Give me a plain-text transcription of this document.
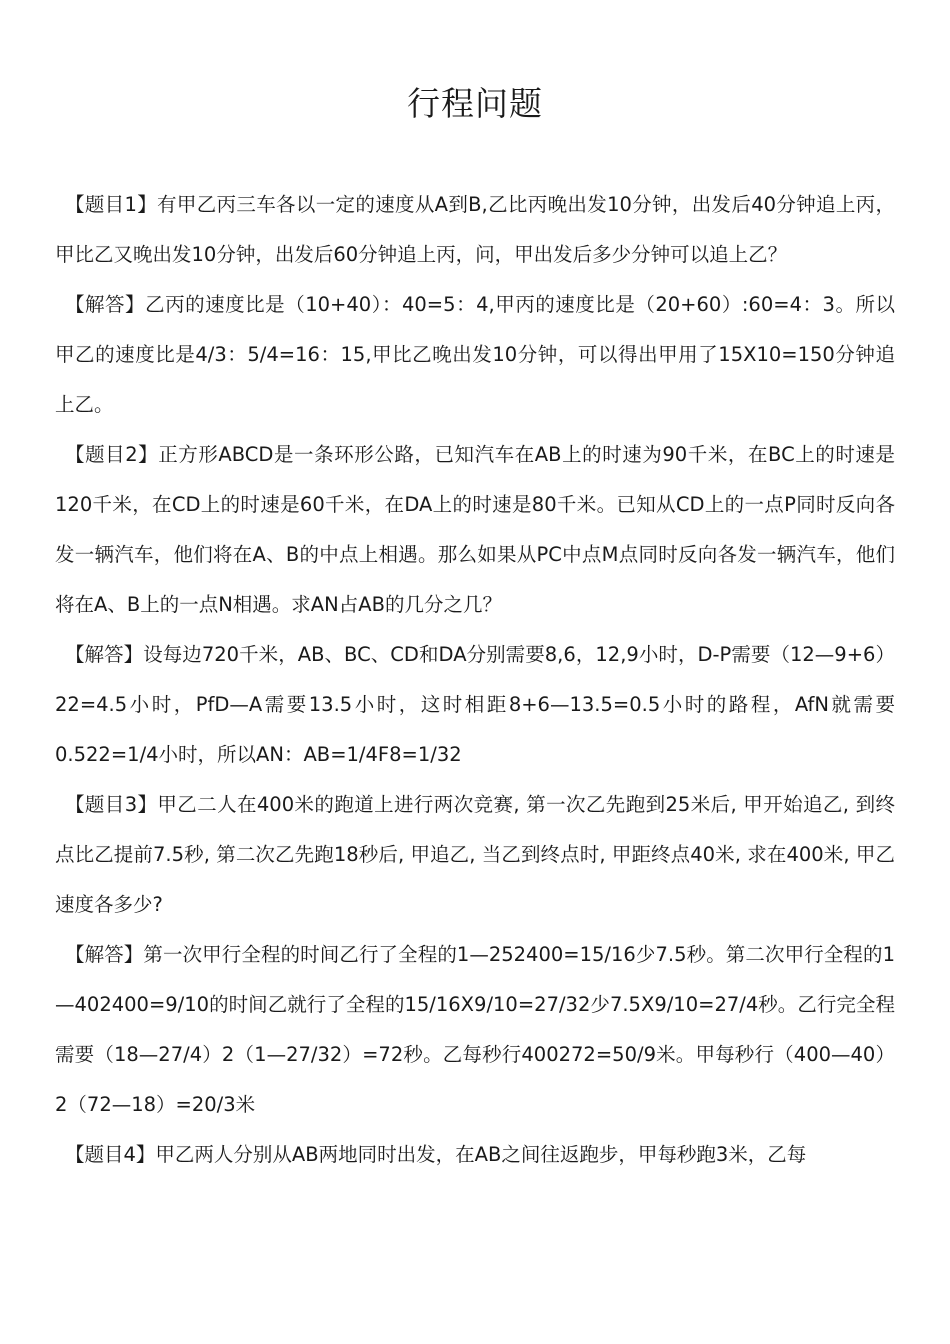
行程问题

【题目1】有甲乙丙三车各以一定的速度从A到B,乙比丙晚出发10分钟，出发后40分钟追上丙，甲比乙又晚出发10分钟，出发后60分钟追上丙，问，甲出发后多少分钟可以追上乙？

【解答】乙丙的速度比是（10+40）：40=5：4,甲丙的速度比是（20+60）:60=4：3。所以甲乙的速度比是4/3：5/4=16：15,甲比乙晚出发10分钟，可以得出甲用了15X10=150分钟追上乙。

【题目2】正方形ABCD是一条环形公路，已知汽车在AB上的时速为90千米，在BC上的时速是120千米，在CD上的时速是60千米，在DA上的时速是80千米。已知从CD上的一点P同时反向各发一辆汽车，他们将在A、B的中点上相遇。那么如果从PC中点M点同时反向各发一辆汽车，他们将在A、B上的一点N相遇。求AN占AB的几分之几？

【解答】设每边720千米，AB、BC、CD和DA分别需要8,6，12,9小时，D-P需要（12—9+6）22=4.5小时，PfD—A需要13.5小时，这时相距8+6—13.5=0.5小时的路程，AfN就需要0.522=1/4小时，所以AN：AB=1/4F8=1/32

【题目3】甲乙二人在400米的跑道上进行两次竞赛, 第一次乙先跑到25米后, 甲开始追乙, 到终点比乙提前7.5秒, 第二次乙先跑18秒后, 甲追乙, 当乙到终点时, 甲距终点40米, 求在400米, 甲乙速度各多少?

【解答】第一次甲行全程的时间乙行了全程的1—252400=15/16少7.5秒。第二次甲行全程的1—402400=9/10的时间乙就行了全程的15/16X9/10=27/32少7.5X9/10=27/4秒。乙行完全程需要（18—27/4）2（1—27/32）=72秒。乙每秒行400272=50/9米。甲每秒行（400—40）2（72—18）=20/3米

【题目4】甲乙两人分别从AB两地同时出发，在AB之间往返跑步，甲每秒跑3米，乙每
